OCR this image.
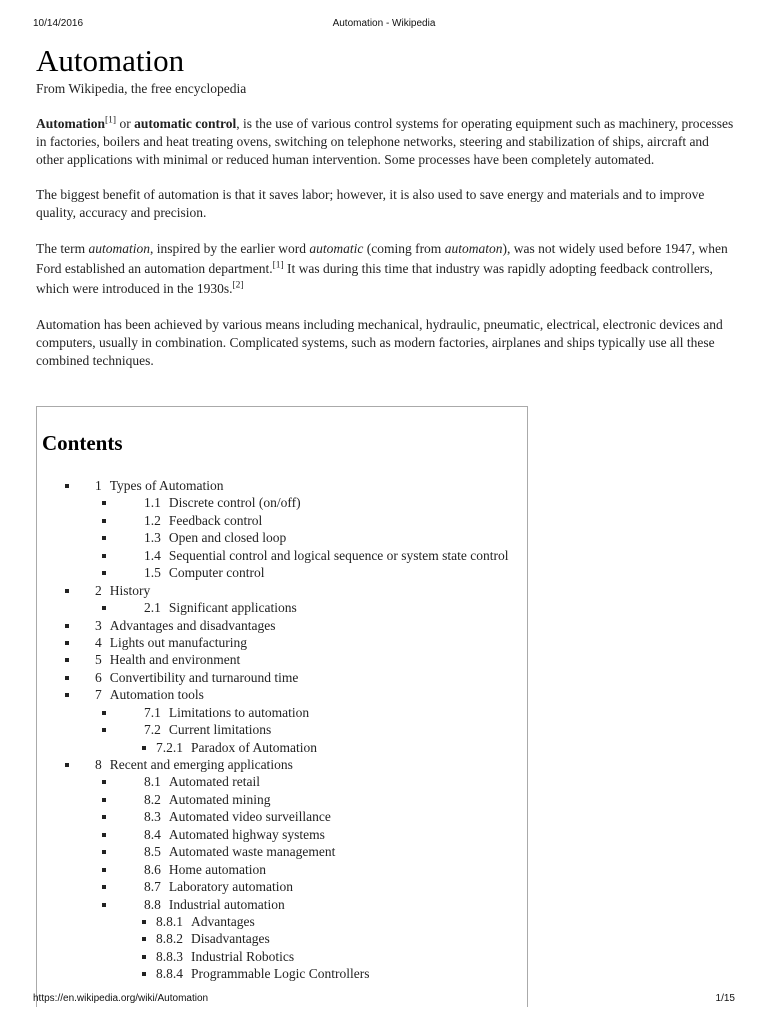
10/14/2016	Automation - Wikipedia
Automation
From Wikipedia, the free encyclopedia

Automation[1] or automatic control, is the use of various control systems for operating equipment such as machinery, processes in factories, boilers and heat treating ovens, switching on telephone networks, steering and stabilization of ships, aircraft and other applications with minimal or reduced human intervention. Some processes have been completely automated.

The biggest benefit of automation is that it saves labor; however, it is also used to save energy and materials and to improve quality, accuracy and precision.

The term automation, inspired by the earlier word automatic (coming from automaton), was not widely used before 1947, when Ford established an automation department.[1] It was during this time that industry was rapidly adopting feedback controllers, which were introduced in the 1930s.[2]

Automation has been achieved by various means including mechanical, hydraulic, pneumatic, electrical, electronic devices and computers, usually in combination. Complicated systems, such as modern factories, airplanes and ships typically use all these combined techniques.

Contents
1 Types of Automation
1.1 Discrete control (on/off)
1.2 Feedback control
1.3 Open and closed loop
1.4 Sequential control and logical sequence or system state control
1.5 Computer control
2 History
2.1 Significant applications
3 Advantages and disadvantages
4 Lights out manufacturing
5 Health and environment
6 Convertibility and turnaround time
7 Automation tools
7.1 Limitations to automation
7.2 Current limitations
7.2.1 Paradox of Automation
8 Recent and emerging applications
8.1 Automated retail
8.2 Automated mining
8.3 Automated video surveillance
8.4 Automated highway systems
8.5 Automated waste management
8.6 Home automation
8.7 Laboratory automation
8.8 Industrial automation
8.8.1 Advantages
8.8.2 Disadvantages
8.8.3 Industrial Robotics
8.8.4 Programmable Logic Controllers
https://en.wikipedia.org/wiki/Automation	1/15
